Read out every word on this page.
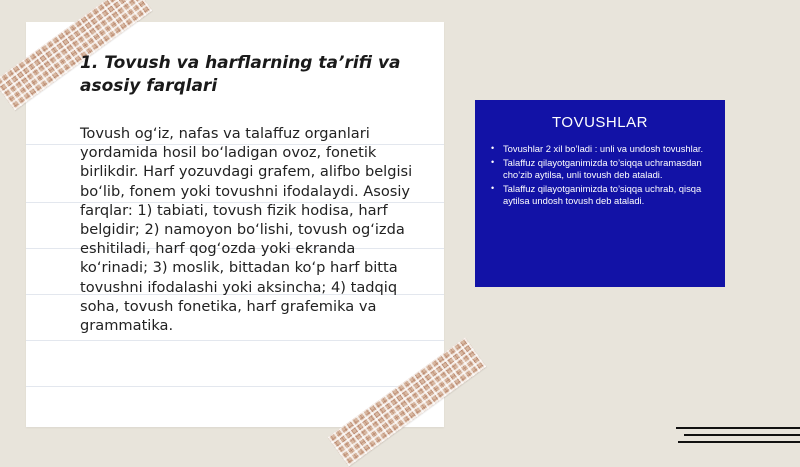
1. Tovush va harflarning ta’rifi va asosiy farqlari

Tovush og‘iz, nafas va talaffuz organlari yordamida hosil bo‘ladigan ovoz, fonetik birlikdir. Harf yozuvdagi grafem, alifbo belgisi bo‘lib, fonem yoki tovushni ifodalaydi. Asosiy farqlar: 1) tabiati, tovush fizik hodisa, harf belgidir; 2) namoyon bo‘lishi, tovush og‘izda eshitiladi, harf qog‘ozda yoki ekranda ko‘rinadi; 3) moslik, bittadan ko‘p harf bitta tovushni ifodalashi yoki aksincha; 4) tadqiq soha, tovush fonetika, harf grafemika va grammatika.

TOVUSHLAR
• Tovushlar 2 xil bo’ladi : unli va undosh tovushlar.
• Talaffuz qilayotganimizda to’siqqa uchramasdan cho’zib aytilsa, unli tovush deb ataladi.
• Talaffuz qilayotganimizda to’siqqa uchrab, qisqa aytilsa undosh tovush deb ataladi.
